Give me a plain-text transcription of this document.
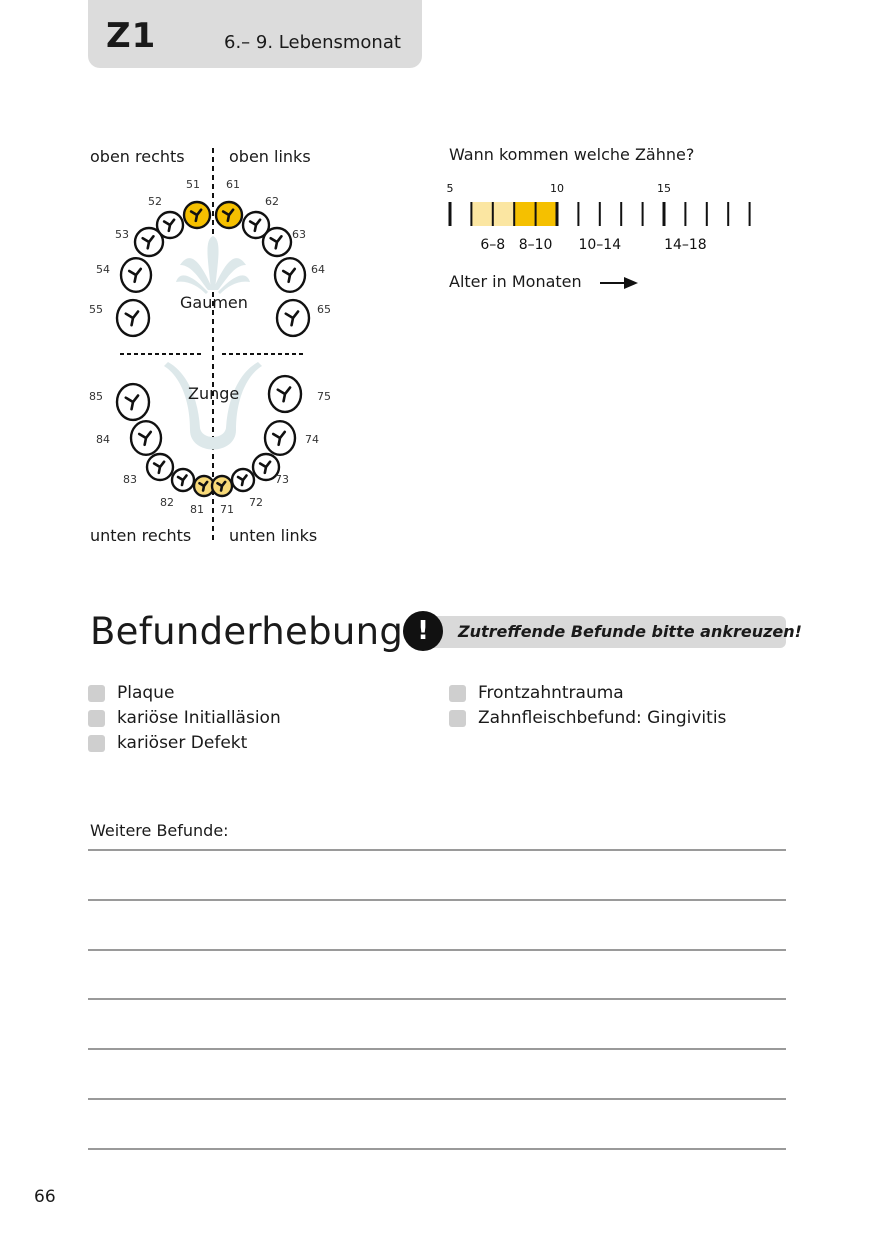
Z1	6.– 9. Lebensmonat
oben rechts	oben links
unten rechts unten links
Gaumen
Zunge
55
54
53
52
51 61
62
63
64
65
85
84
83
82
81 71
72
73
74
75
Wann kommen welche Zähne?
5	10	15
6–8 8–10 10–14	14–18
Alter in Monaten
Befunderhebung !	Zutreffende Befunde bitte ankreuzen!
Plaque
kariöse Initialläsion
kariöser Defekt
Frontzahntrauma
Zahnfleischbefund: Gingivitis
Weitere Befunde:
66
